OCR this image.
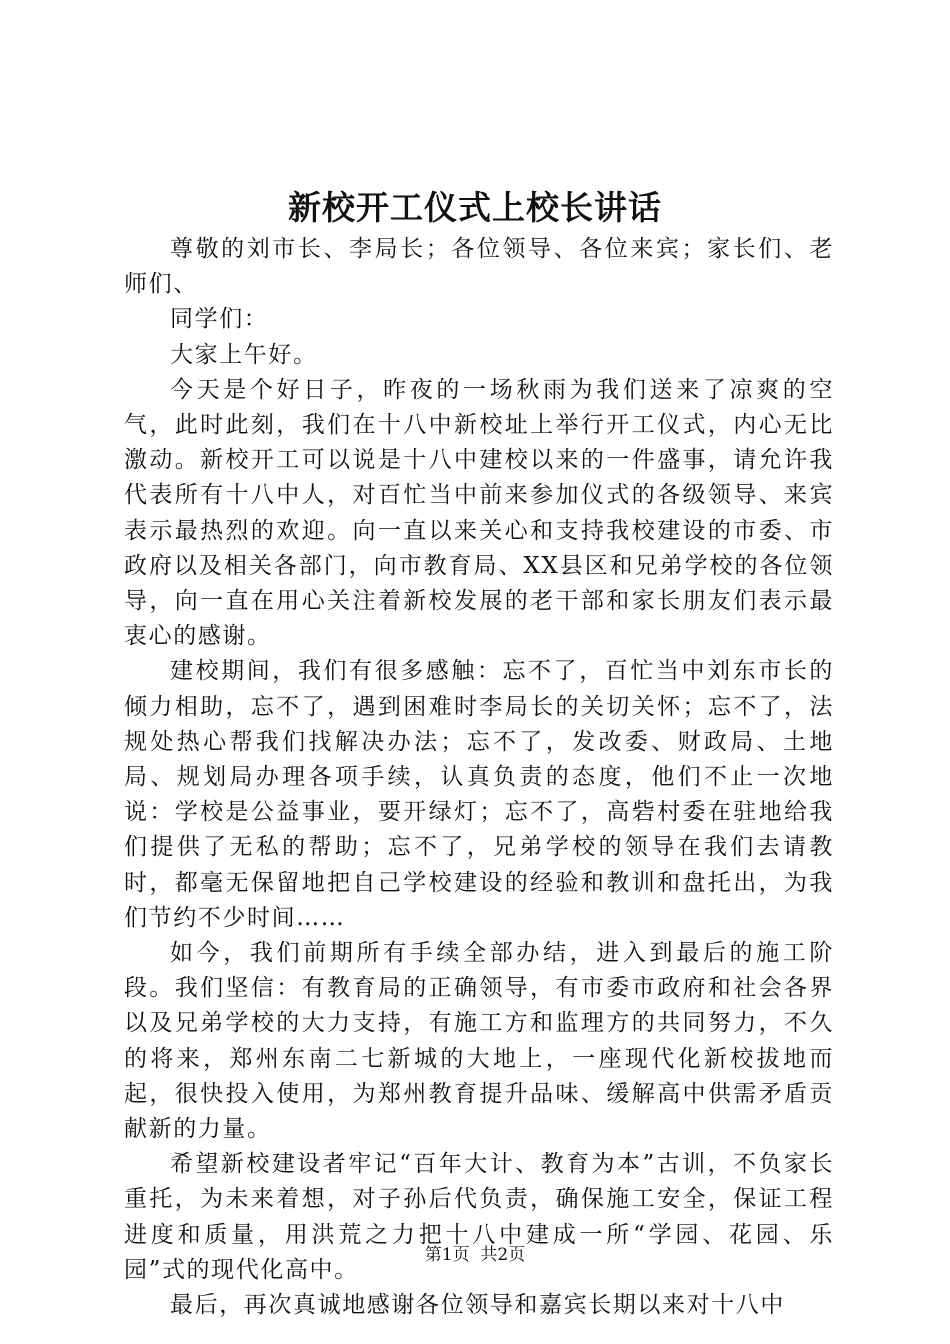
新校开工仪式上校长讲话

尊敬的刘市长、李局长；各位领导、各位来宾；家长们、老师们、

同学们：

大家上午好。

今天是个好日子，昨夜的一场秋雨为我们送来了凉爽的空气，此时此刻，我们在十八中新校址上举行开工仪式，内心无比激动。新校开工可以说是十八中建校以来的一件盛事，请允许我代表所有十八中人，对百忙当中前来参加仪式的各级领导、来宾表示最热烈的欢迎。向一直以来关心和支持我校建设的市委、市政府以及相关各部门，向市教育局、XX县区和兄弟学校的各位领导，向一直在用心关注着新校发展的老干部和家长朋友们表示最衷心的感谢。

建校期间，我们有很多感触：忘不了，百忙当中刘东市长的倾力相助，忘不了，遇到困难时李局长的关切关怀；忘不了，法规处热心帮我们找解决办法；忘不了，发改委、财政局、土地局、规划局办理各项手续，认真负责的态度，他们不止一次地说：学校是公益事业，要开绿灯；忘不了，高砦村委在驻地给我们提供了无私的帮助；忘不了，兄弟学校的领导在我们去请教时，都毫无保留地把自己学校建设的经验和教训和盘托出，为我们节约不少时间……

如今，我们前期所有手续全部办结，进入到最后的施工阶段。我们坚信：有教育局的正确领导，有市委市政府和社会各界以及兄弟学校的大力支持，有施工方和监理方的共同努力，不久的将来，郑州东南二七新城的大地上，一座现代化新校拔地而起，很快投入使用，为郑州教育提升品味、缓解高中供需矛盾贡献新的力量。

希望新校建设者牢记“百年大计、教育为本”古训，不负家长重托，为未来着想，对子孙后代负责，确保施工安全，保证工程进度和质量，用洪荒之力把十八中建成一所“学园、花园、乐园”式的现代化高中。

最后，再次真诚地感谢各位领导和嘉宾长期以来对十八中

第1页  共2页
